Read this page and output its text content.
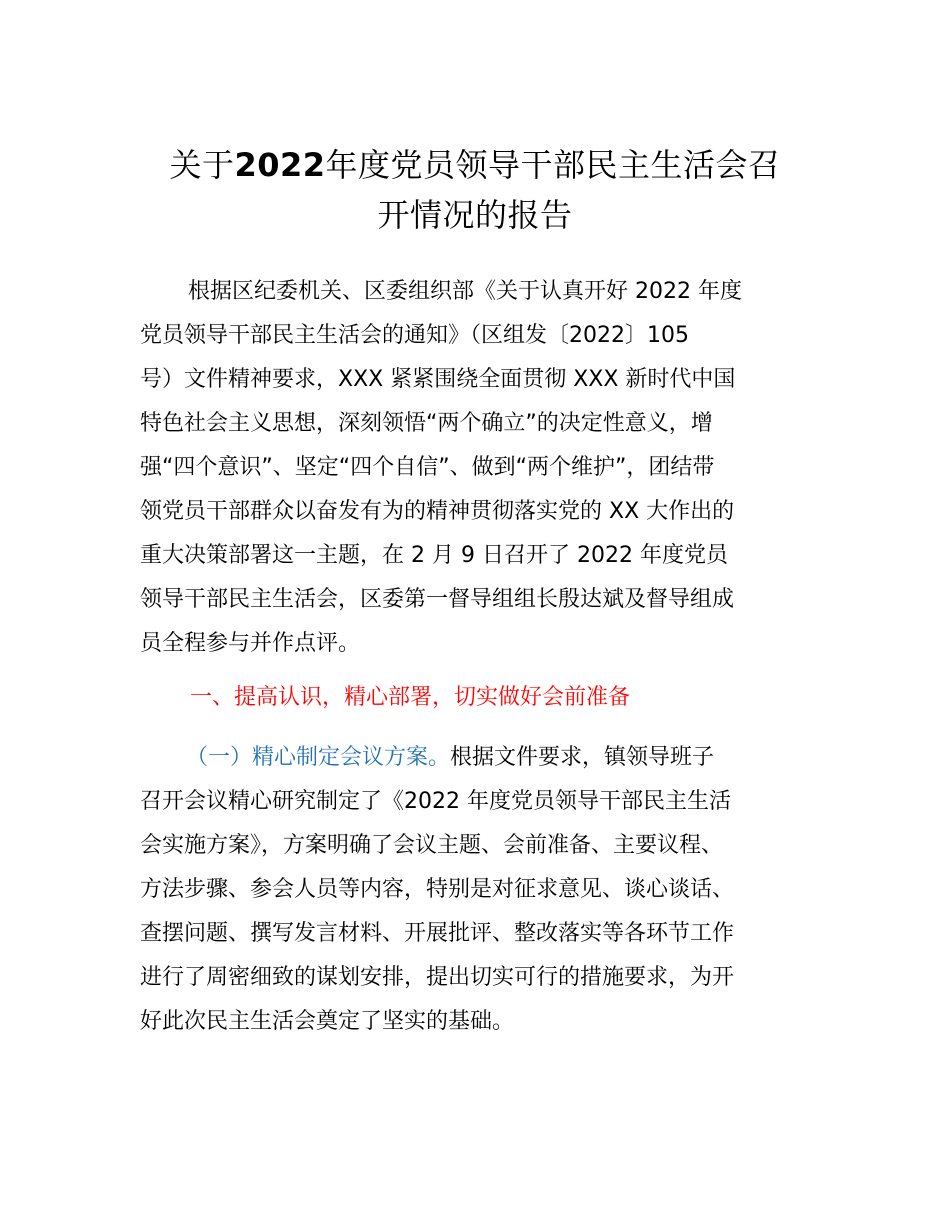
关于2022年度党员领导干部民主生活会召
开情况的报告
根据区纪委机关、区委组织部《关于认真开好 2022 年度
党员领导干部民主生活会的通知》（区组发〔2022〕105
号）文件精神要求，XXX 紧紧围绕全面贯彻 XXX 新时代中国
特色社会主义思想，深刻领悟“两个确立”的决定性意义，增
强“四个意识”、坚定“四个自信”、做到“两个维护”，团结带
领党员干部群众以奋发有为的精神贯彻落实党的 XX 大作出的
重大决策部署这一主题，在 2 月 9 日召开了 2022 年度党员
领导干部民主生活会，区委第一督导组组长殷达斌及督导组成
员全程参与并作点评。
一、提高认识，精心部署，切实做好会前准备
（一）精心制定会议方案。根据文件要求，镇领导班子
召开会议精心研究制定了《2022 年度党员领导干部民主生活
会实施方案》，方案明确了会议主题、会前准备、主要议程、
方法步骤、参会人员等内容，特别是对征求意见、谈心谈话、
查摆问题、撰写发言材料、开展批评、整改落实等各环节工作
进行了周密细致的谋划安排，提出切实可行的措施要求，为开
好此次民主生活会奠定了坚实的基础。
